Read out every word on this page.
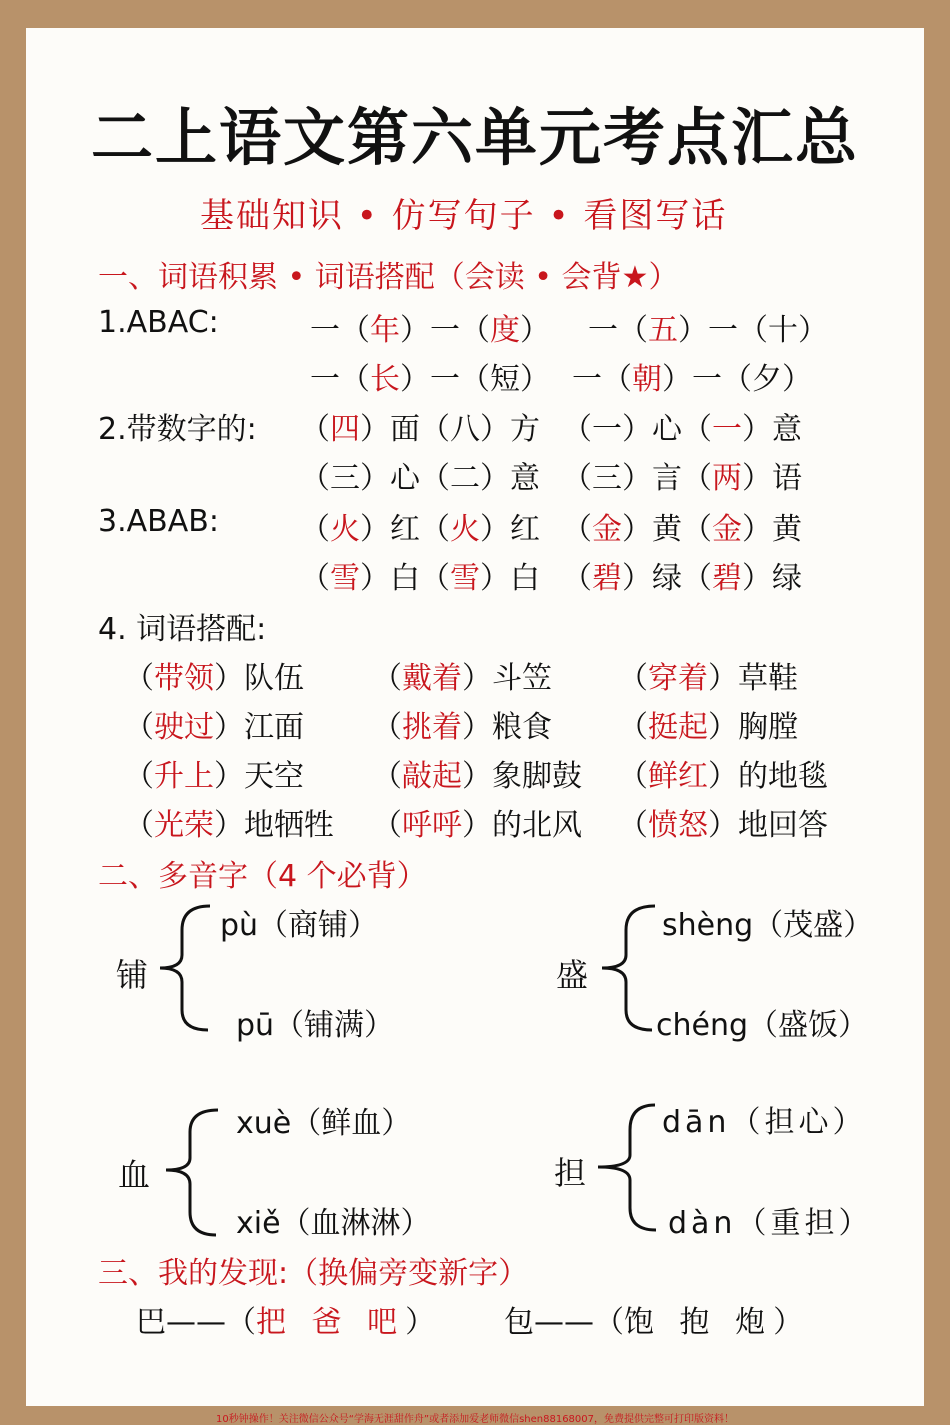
二上语文第六单元考点汇总
基础知识 • 仿写句子 • 看图写话
一、词语积累 • 词语搭配（会读 • 会背★）
1.ABAC:	一（年）一（度） 一（五）一（十）
一（长）一（短） 一（朝）一（夕）
2.带数字的: （四）面（八）方 （一）心（一）意
（三）心（二）意 （三）言（两）语
3.ABAB:	（火）红（火）红 （金）黄（金）黄
（雪）白（雪）白 （碧）绿（碧）绿
4. 词语搭配:
（带领）队伍 （戴着）斗笠 （穿着）草鞋
（驶过）江面 （挑着）粮食 （挺起）胸膛
（升上）天空 （敲起）象脚鼓 （鲜红）的地毯
（光荣）地牺牲 （呼呼）的北风 （愤怒）地回答
二、多音字（4 个必背）
铺
pù（商铺）
pū（铺满）
盛
shèng（茂盛）
chéng（盛饭）
血
xuè（鲜血）
xiě（血淋淋）
担
dān（担心）
dàn（重担）
三、我的发现:（换偏旁变新字）
巴——（把 爸 吧） 包——（饱 抱 炮）
10秒钟操作！关注微信公众号“学海无涯甜作舟”或者添加爱老师微信shen88168007，免费提供完整可打印版资料！
